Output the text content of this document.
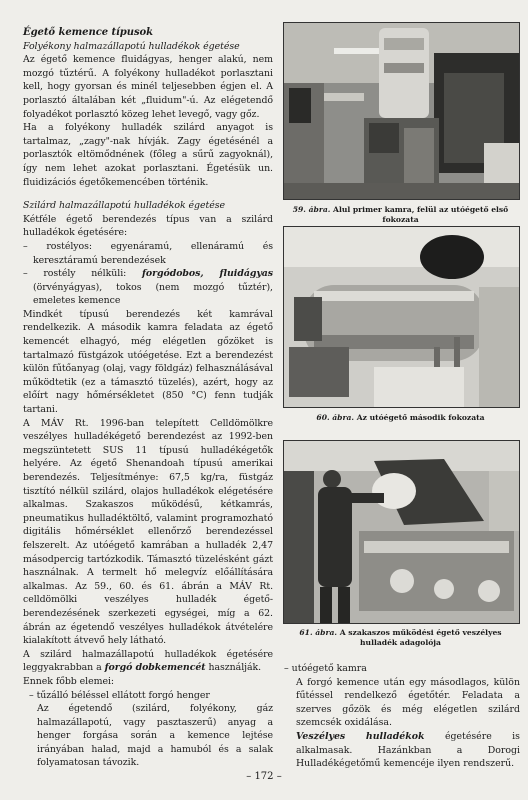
Égető kemence típusok

Folyékony halmazállapotú hulladékok égetése

Az égető kemence fluidágyas, henger alakú, nem mozgó tűztérű. A folyékony hulladékot porlasztani kell, hogy gyorsan és minél teljesebben égjen el. A porlasztó általában két „fluidum"-ú. Az elégetendő folyadékot porlasztó közeg lehet levegő, vagy gőz.

Ha a folyékony hulladék szilárd anyagot is tartalmaz, „zagy"-nak hívják. Zagy égetésénél a porlasztók eltömődnének (főleg a sűrű zagyoknál), így nem lehet azokat porlasztani. Égetésük un. fluidizációs égetőkemencében történik.

Szilárd halmazállapotú hulladékok égetése

Kétféle égető berendezés típus van a szilárd hulladékok égetésére:

– rostélyos: egyenáramú, ellenáramú és keresztáramú berendezések
– rostély nélküli: forgódobos, fluidágyas (örvényágyas), tokos (nem mozgó tűztér), emeletes kemence

Mindkét típusú berendezés két kamrával rendelkezik. A második kamra feladata az égető kemencét elhagyó, még elégetlen gőzöket is tartalmazó füstgázok utóégetése. Ezt a berendezést külön fűtőanyag (olaj, vagy földgáz) felhasználásával működtetik (ez a támasztó tüzelés), azért, hogy az előírt nagy hőmérsékletet (850 °C) fenn tudják tartani.

A MÁV Rt. 1996-ban telepített Celldömölkre veszélyes hulladékégető berendezést az 1992-ben megszüntetett SUS 11 típusú hulladékégetők helyére. Az égető Shenandoah típusú amerikai berendezés. Teljesítménye: 67,5 kg/ra, füstgáz tisztító nélkül szilárd, olajos hulladékok elégetésére alkalmas. Szakaszos működésű, kétkamrás, pneumatikus hulladéktöltő, valamint programozható digitális hőmérséklet ellenőrző berendezéssel felszerelt. Az utóégető kamrában a hulladék 2,47 másodpercig tartózkodik. Támasztó tüzelésként gázt használnak. A termelt hő melegvíz előállítására alkalmas. Az 59., 60. és 61. ábrán a MÁV Rt. celldömölki veszélyes hulladék égető-berendezésének szerkezeti egységei, míg a 62. ábrán az égetendő veszélyes hulladékok átvételére kialakított átvevő hely látható.

A szilárd halmazállapotú hulladékok égetésére leggyakrabban a forgó dobkemencét használják.

Ennek főbb elemei:

– tűzálló béléssel ellátott forgó henger

Az égetendő (szilárd, folyékony, gáz halmazállapotú, vagy pasztaszerű) anyag a henger forgása során a kemence lejtése irányában halad, majd a hamuból és a salak folyamatosan távozik.

59. ábra. Alul primer kamra, felül az utóégető első fokozata
60. ábra. Az utóégető második fokozata
61. ábra. A szakaszos működési égető veszélyes hulladék adagolója

– utóégető kamra

A forgó kemence után egy másodlagos, külön fűtéssel rendelkező égetőtér. Feladata a szerves gőzök és még elégetlen szilárd szemcsék oxidálása.

Veszélyes hulladékok égetésére is alkalmasak. Hazánkban a Dorogi Hulladékégetőmű kemencéje ilyen rendszerű.

– 172 –
